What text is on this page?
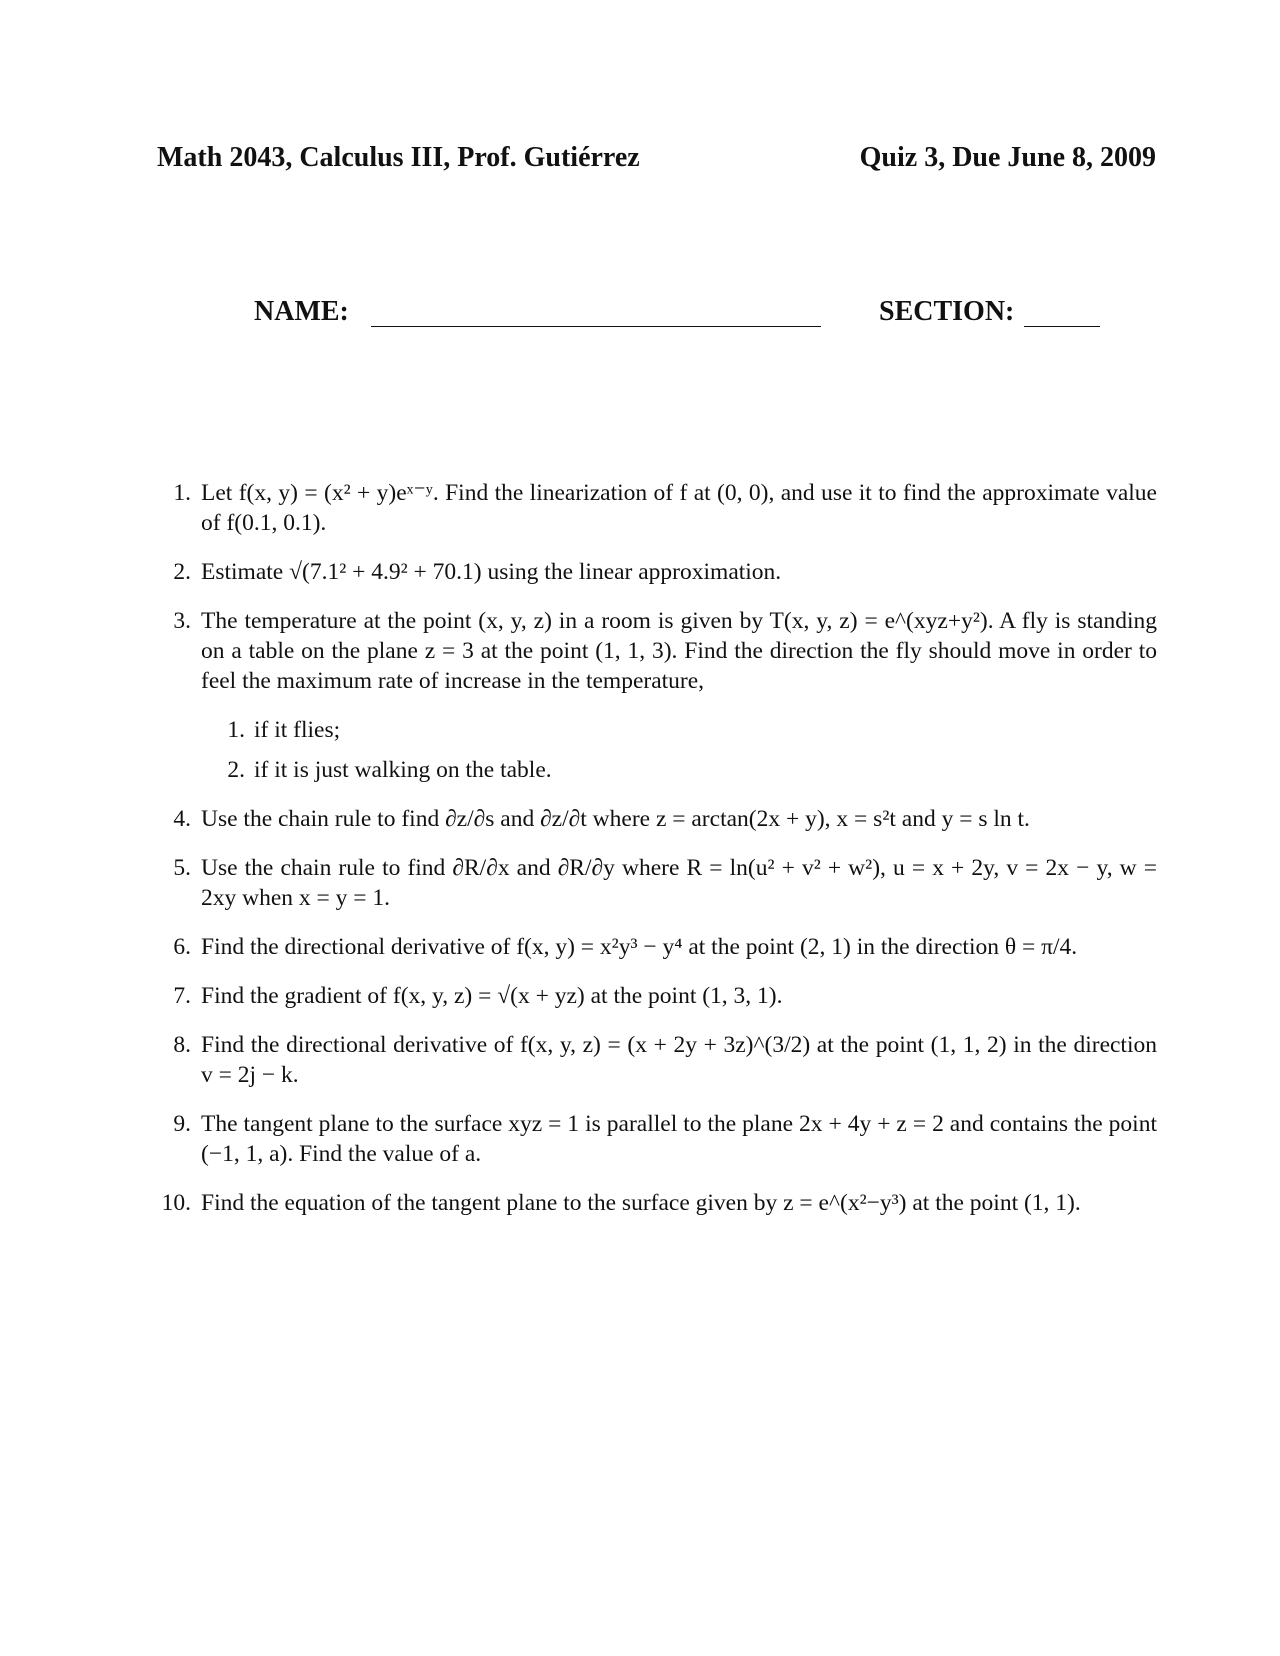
Math 2043, Calculus III, Prof. Gutiérrez	Quiz 3, Due June 8, 2009
NAME:	SECTION:
1. Let f(x, y) = (x² + y)eˣ⁻ʸ. Find the linearization of f at (0, 0), and use it to find the approximate value of f(0.1, 0.1).
2. Estimate √(7.1² + 4.9² + 70.1) using the linear approximation.
3. The temperature at the point (x, y, z) in a room is given by T(x, y, z) = e^(xyz+y²). A fly is standing on a table on the plane z = 3 at the point (1, 1, 3). Find the direction the fly should move in order to feel the maximum rate of increase in the temperature,
1. if it flies;
2. if it is just walking on the table.
4. Use the chain rule to find ∂z/∂s and ∂z/∂t where z = arctan(2x + y), x = s²t and y = s ln t.
5. Use the chain rule to find ∂R/∂x and ∂R/∂y where R = ln(u² + v² + w²), u = x + 2y, v = 2x − y, w = 2xy when x = y = 1.
6. Find the directional derivative of f(x, y) = x²y³ − y⁴ at the point (2, 1) in the direction θ = π/4.
7. Find the gradient of f(x, y, z) = √(x + yz) at the point (1, 3, 1).
8. Find the directional derivative of f(x, y, z) = (x + 2y + 3z)^(3/2) at the point (1, 1, 2) in the direction v = 2j − k.
9. The tangent plane to the surface xyz = 1 is parallel to the plane 2x + 4y + z = 2 and contains the point (−1, 1, a). Find the value of a.
10. Find the equation of the tangent plane to the surface given by z = e^(x²−y³) at the point (1, 1).
